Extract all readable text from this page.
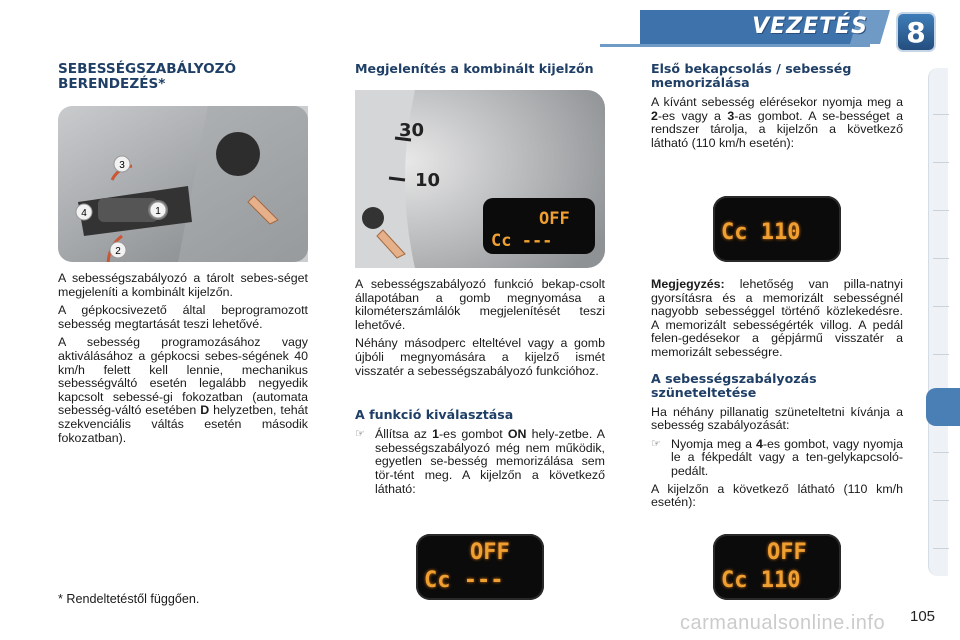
VEZETÉS 8
SEBESSÉGSZABÁLYOZÓ BERENDEZÉS*
3
4	1
2
A sebességszabályozó a tárolt sebes-séget megjeleníti a kombinált kijelzőn.
A gépkocsivezető által beprogramozott sebesség megtartását teszi lehetővé.
A sebesség programozásához vagy aktiválásához a gépkocsi sebes-ségének 40 km/h felett kell lennie, mechanikus sebességváltó esetén legalább negyedik kapcsolt sebessé-gi fokozatban (automata sebesség-váltó esetében D helyzetben, tehát szekvenciális váltás esetén második fokozatban).
Megjelenítés a kombinált kijelzőn
30
10
OFF
Cc ---
A sebességszabályozó funkció bekap-csolt állapotában a gomb megnyomása a kilométerszámlálók megjelenítését teszi lehetővé.
Néhány másodperc elteltével vagy a gomb újbóli megnyomására a kijelző ismét visszatér a sebességszabályozó funkcióhoz.
A funkció kiválasztása
☞ Állítsa az 1-es gombot ON hely-zetbe. A sebességszabályozó még nem működik, egyetlen se-besség memorizálása sem tör-tént meg. A kijelzőn a következő látható:
OFF
Cc ---
Első bekapcsolás / sebesség memorizálása
A kívánt sebesség elérésekor nyomja meg a 2-es vagy a 3-as gombot. A se-bességet a rendszer tárolja, a kijelzőn a következő látható (110 km/h esetén):
Cc 110
Megjegyzés: lehetőség van pilla-natnyi gyorsításra és a memorizált sebességnél nagyobb sebességgel történő közlekedésre. A memorizált sebességérték villog. A pedál felen-gedésekor a gépjármű visszatér a memorizált sebességre.
A sebességszabályozás szüneteltetése
Ha néhány pillanatig szüneteltetni kívánja a sebesség szabályozását:
☞ Nyomja meg a 4-es gombot, vagy nyomja le a fékpedált vagy a ten-gelykapcsoló-pedált.
A kijelzőn a következő látható (110 km/h esetén):
OFF
Cc 110
* Rendeltetéstől függően.
carmanualsonline.info 105
